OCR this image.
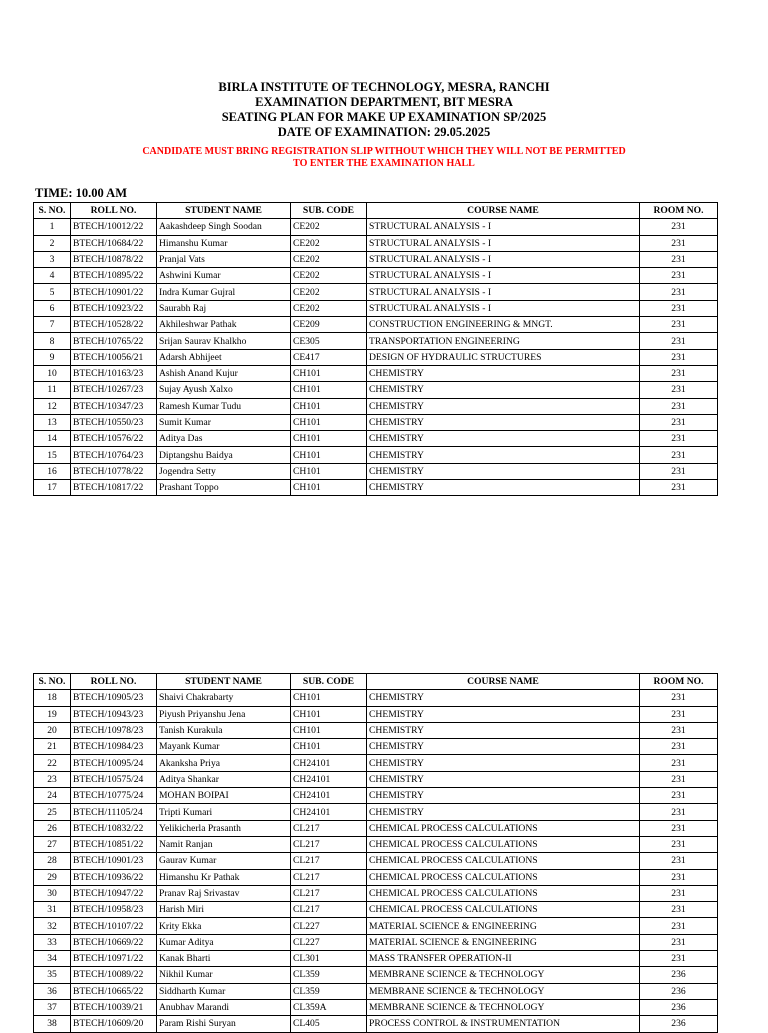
BIRLA INSTITUTE OF TECHNOLOGY, MESRA, RANCHI
EXAMINATION DEPARTMENT, BIT MESRA
SEATING PLAN FOR MAKE UP EXAMINATION SP/2025
DATE OF EXAMINATION: 29.05.2025
CANDIDATE MUST BRING REGISTRATION SLIP WITHOUT WHICH THEY WILL NOT BE PERMITTED
TO ENTER THE EXAMINATION HALL
TIME: 10.00 AM
S. NO.	ROLL NO.	STUDENT NAME	SUB. CODE	COURSE NAME	ROOM NO.
1	BTECH/10012/22	Aakashdeep Singh Soodan	CE202	STRUCTURAL ANALYSIS - I	231
2	BTECH/10684/22	Himanshu Kumar	CE202	STRUCTURAL ANALYSIS - I	231
3	BTECH/10878/22	Pranjal Vats	CE202	STRUCTURAL ANALYSIS - I	231
4	BTECH/10895/22	Ashwini Kumar	CE202	STRUCTURAL ANALYSIS - I	231
5	BTECH/10901/22	Indra Kumar Gujral	CE202	STRUCTURAL ANALYSIS - I	231
6	BTECH/10923/22	Saurabh Raj	CE202	STRUCTURAL ANALYSIS - I	231
7	BTECH/10528/22	Akhileshwar Pathak	CE209	CONSTRUCTION ENGINEERING & MNGT.	231
8	BTECH/10765/22	Srijan Saurav Khalkho	CE305	TRANSPORTATION ENGINEERING	231
9	BTECH/10056/21	Adarsh Abhijeet	CE417	DESIGN OF HYDRAULIC STRUCTURES	231
10	BTECH/10163/23	Ashish Anand Kujur	CH101	CHEMISTRY	231
11	BTECH/10267/23	Sujay Ayush Xalxo	CH101	CHEMISTRY	231
12	BTECH/10347/23	Ramesh Kumar Tudu	CH101	CHEMISTRY	231
13	BTECH/10550/23	Sumit Kumar	CH101	CHEMISTRY	231
14	BTECH/10576/22	Aditya Das	CH101	CHEMISTRY	231
15	BTECH/10764/23	Diptangshu Baidya	CH101	CHEMISTRY	231
16	BTECH/10778/22	Jogendra Setty	CH101	CHEMISTRY	231
17	BTECH/10817/22	Prashant Toppo	CH101	CHEMISTRY	231
S. NO.	ROLL NO.	STUDENT NAME	SUB. CODE	COURSE NAME	ROOM NO.
18	BTECH/10905/23	Shaivi Chakrabarty	CH101	CHEMISTRY	231
19	BTECH/10943/23	Piyush Priyanshu Jena	CH101	CHEMISTRY	231
20	BTECH/10978/23	Tanish Kurakula	CH101	CHEMISTRY	231
21	BTECH/10984/23	Mayank Kumar	CH101	CHEMISTRY	231
22	BTECH/10095/24	Akanksha Priya	CH24101	CHEMISTRY	231
23	BTECH/10575/24	Aditya Shankar	CH24101	CHEMISTRY	231
24	BTECH/10775/24	MOHAN BOIPAI	CH24101	CHEMISTRY	231
25	BTECH/11105/24	Tripti Kumari	CH24101	CHEMISTRY	231
26	BTECH/10832/22	Yelikicherla Prasanth	CL217	CHEMICAL PROCESS CALCULATIONS	231
27	BTECH/10851/22	Namit Ranjan	CL217	CHEMICAL PROCESS CALCULATIONS	231
28	BTECH/10901/23	Gaurav Kumar	CL217	CHEMICAL PROCESS CALCULATIONS	231
29	BTECH/10936/22	Himanshu Kr Pathak	CL217	CHEMICAL PROCESS CALCULATIONS	231
30	BTECH/10947/22	Pranav Raj Srivastav	CL217	CHEMICAL PROCESS CALCULATIONS	231
31	BTECH/10958/23	Harish Miri	CL217	CHEMICAL PROCESS CALCULATIONS	231
32	BTECH/10107/22	Krity Ekka	CL227	MATERIAL SCIENCE & ENGINEERING	231
33	BTECH/10669/22	Kumar Aditya	CL227	MATERIAL SCIENCE & ENGINEERING	231
34	BTECH/10971/22	Kanak Bharti	CL301	MASS TRANSFER OPERATION-II	231
35	BTECH/10089/22	Nikhil Kumar	CL359	MEMBRANE SCIENCE & TECHNOLOGY	236
36	BTECH/10665/22	Siddharth Kumar	CL359	MEMBRANE SCIENCE & TECHNOLOGY	236
37	BTECH/10039/21	Anubhav Marandi	CL359A	MEMBRANE SCIENCE & TECHNOLOGY	236
38	BTECH/10609/20	Param Rishi Suryan	CL405	PROCESS CONTROL & INSTRUMENTATION	236
